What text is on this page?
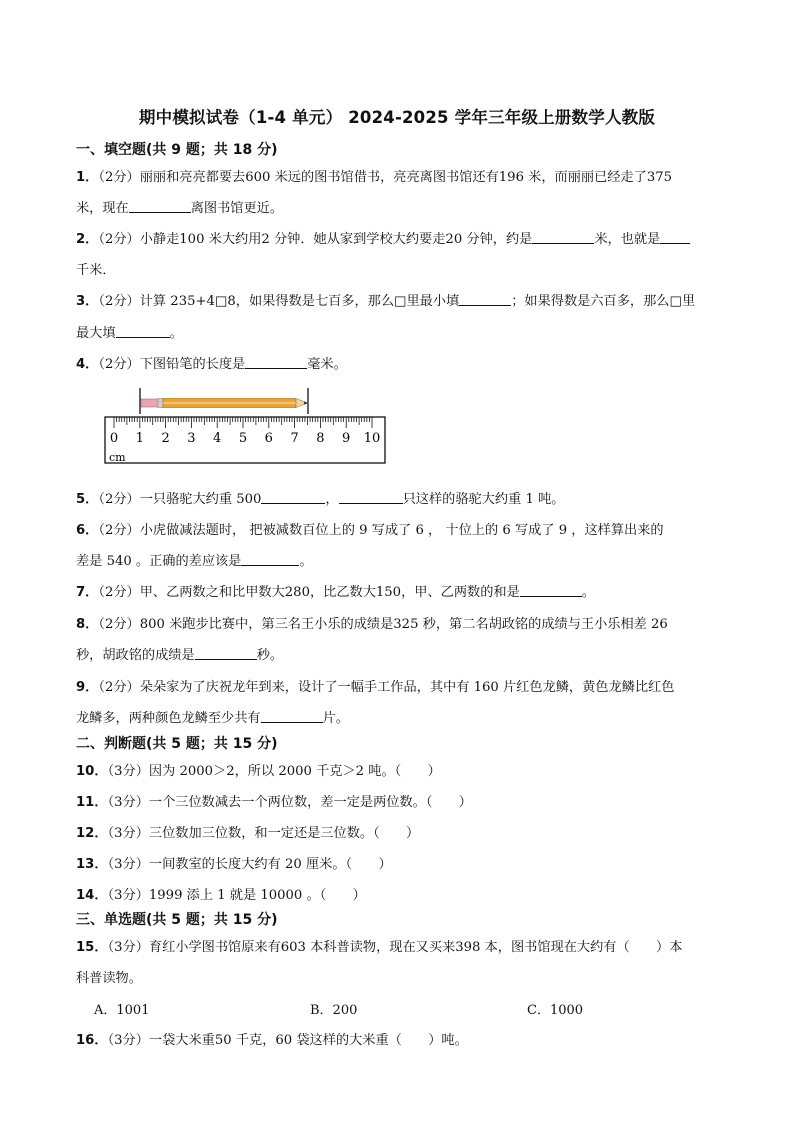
期中模拟试卷（1-4 单元） 2024-2025 学年三年级上册数学人教版
一、填空题(共 9 题；共 18 分)
1．（2分）丽丽和亮亮都要去600 米远的图书馆借书，亮亮离图书馆还有196 米，而丽丽已经走了375
米，现在	离图书馆更近。
2．（2分）小静走100 米大约用2 分钟．她从家到学校大约要走20 分钟，约是	米，也就是
千米．
3．（2分）计算 235+4□8，如果得数是七百多，那么□里最小填	；如果得数是六百多，那么□里
最大填	。
4．（2分）下图铅笔的长度是	毫米。
0 1 2 3 4 5 6 7 8 9 10
cm
5．（2分）一只骆驼大约重 500	，	只这样的骆驼大约重 1 吨。
6．（2分）小虎做减法题时， 把被减数百位上的 9 写成了 6 ， 十位上的 6 写成了 9 ，这样算出来的
差是 540 。正确的差应该是	。
7．（2分）甲、乙两数之和比甲数大280，比乙数大150，甲、乙两数的和是	。
8．（2分）800 米跑步比赛中，第三名王小乐的成绩是325 秒，第二名胡政铭的成绩与王小乐相差 26
秒，胡政铭的成绩是	秒。
9．（2分）朵朵家为了庆祝龙年到来，设计了一幅手工作品，其中有 160 片红色龙鳞，黄色龙鳞比红色
龙鳞多，两种颜色龙鳞至少共有	片。
二、判断题(共 5 题；共 15 分)
10．（3分）因为 2000＞2，所以 2000 千克＞2 吨。（　　）
11．（3分）一个三位数减去一个两位数，差一定是两位数。（　　）
12．（3分）三位数加三位数，和一定还是三位数。（　　）
13．（3分）一间教室的长度大约有 20 厘米。（　　）
14．（3分）1999 添上 1 就是 10000 。（　　）
三、单选题(共 5 题；共 15 分)
15．（3分）育红小学图书馆原来有603 本科普读物，现在又买来398 本，图书馆现在大约有（　　）本
科普读物。
A．1001	B．200	C．1000
16．（3分）一袋大米重50 千克，60 袋这样的大米重（　　）吨。
